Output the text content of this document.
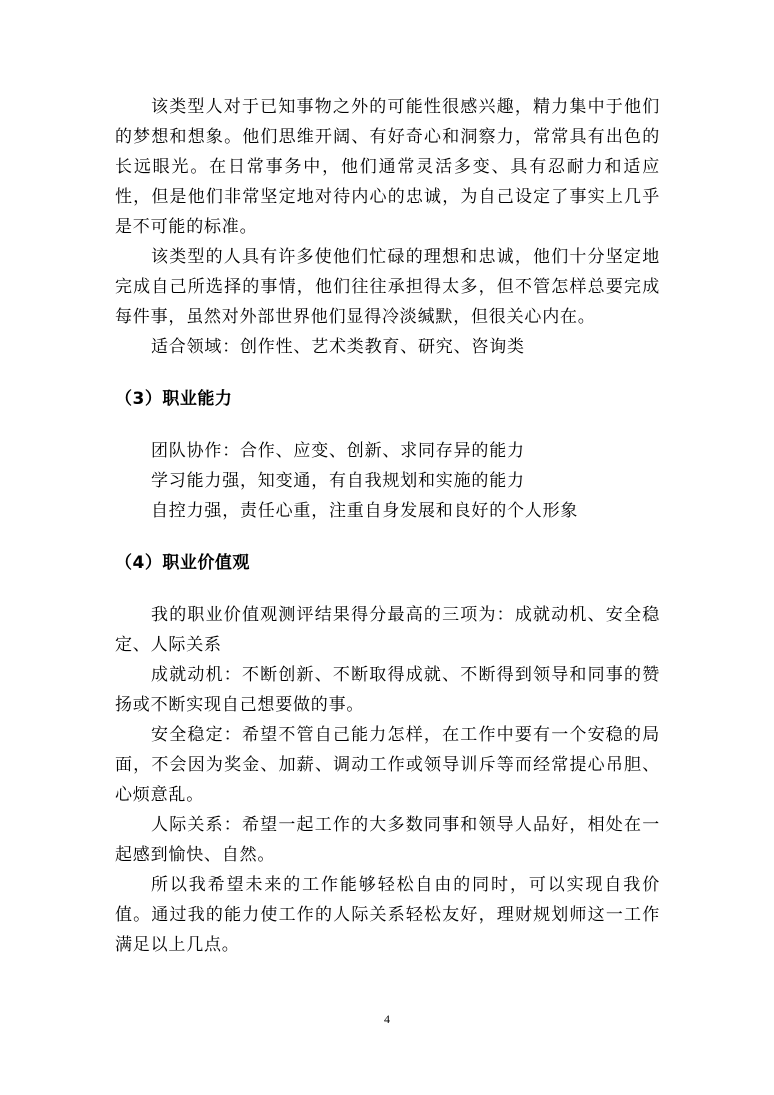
该类型人对于已知事物之外的可能性很感兴趣，精力集中于他们的梦想和想象。他们思维开阔、有好奇心和洞察力，常常具有出色的长远眼光。在日常事务中，他们通常灵活多变、具有忍耐力和适应性，但是他们非常坚定地对待内心的忠诚，为自己设定了事实上几乎是不可能的标准。

该类型的人具有许多使他们忙碌的理想和忠诚，他们十分坚定地完成自己所选择的事情，他们往往承担得太多，但不管怎样总要完成每件事，虽然对外部世界他们显得冷淡缄默，但很关心内在。

适合领域：创作性、艺术类教育、研究、咨询类

（3）职业能力
团队协作：合作、应变、创新、求同存异的能力
学习能力强，知变通，有自我规划和实施的能力
自控力强，责任心重，注重自身发展和良好的个人形象
（4）职业价值观

我的职业价值观测评结果得分最高的三项为：成就动机、安全稳定、人际关系

成就动机：不断创新、不断取得成就、不断得到领导和同事的赞扬或不断实现自己想要做的事。

安全稳定：希望不管自己能力怎样，在工作中要有一个安稳的局面，不会因为奖金、加薪、调动工作或领导训斥等而经常提心吊胆、心烦意乱。

人际关系：希望一起工作的大多数同事和领导人品好，相处在一起感到愉快、自然。

所以我希望未来的工作能够轻松自由的同时，可以实现自我价值。通过我的能力使工作的人际关系轻松友好，理财规划师这一工作满足以上几点。

4
